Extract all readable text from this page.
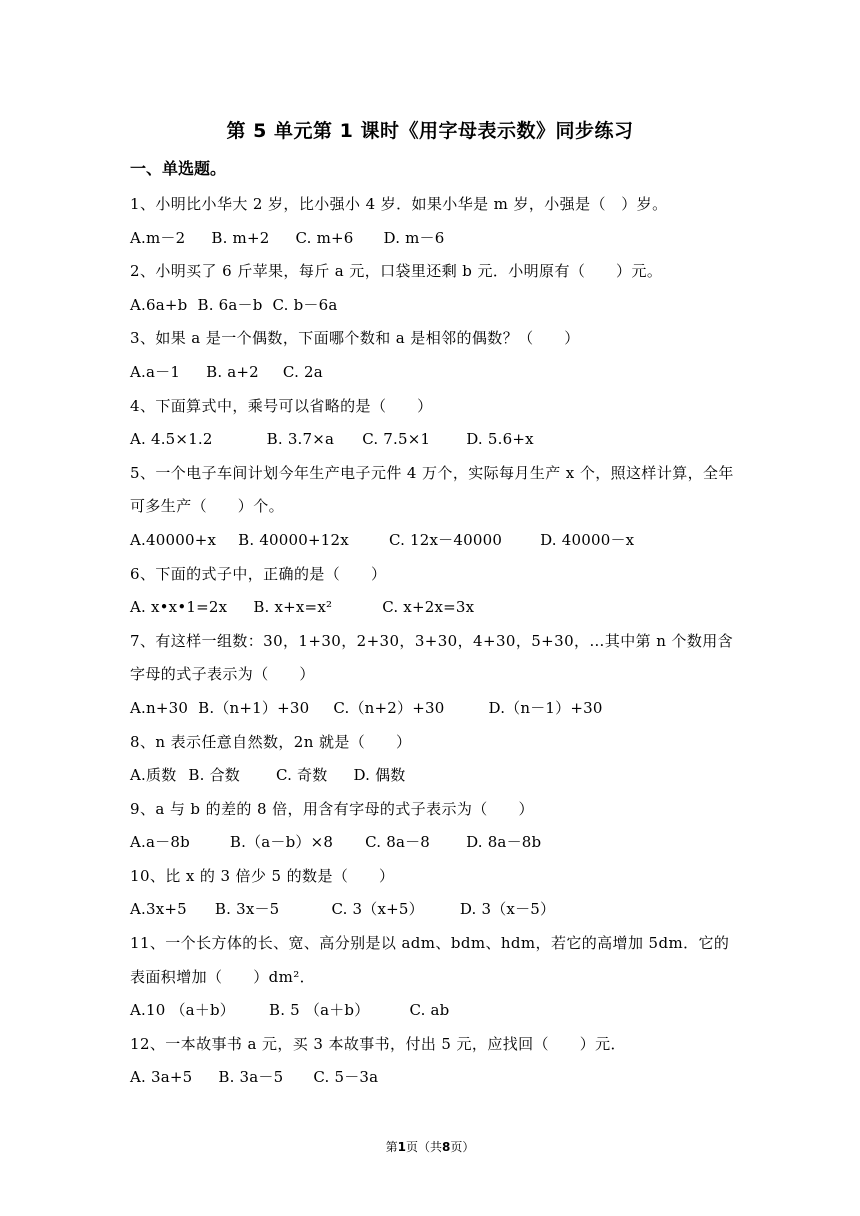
第 5 单元第 1 课时《用字母表示数》同步练习
一、单选题。
1、小明比小华大 2 岁，比小强小 4 岁．如果小华是 m 岁，小强是（　）岁。
A.m－2 B. m+2 C. m+6 D. m－6
2、小明买了 6 斤苹果，每斤 a 元，口袋里还剩 b 元．小明原有（　　）元。
A.6a+b B. 6a－b C. b－6a
3、如果 a 是一个偶数，下面哪个数和 a 是相邻的偶数？（　　）
A.a－1 B. a+2 C. 2a
4、下面算式中，乘号可以省略的是（　　）
A. 4.5×1.2	B. 3.7×a C. 7.5×1 D. 5.6+x
5、一个电子车间计划今年生产电子元件 4 万个，实际每月生产 x 个，照这样计算，全年可多生产（　　）个。
A.40000+x B. 40000+12x	C. 12x－40000	D. 40000－x
6、下面的式子中，正确的是（　　）
A. x•x•1=2x B. x+x=x²	C. x+2x=3x
7、有这样一组数：30，1+30，2+30，3+30，4+30，5+30，…其中第 n 个数用含字母的式子表示为（　　）
A.n+30 B.（n+1）+30 C.（n+2）+30	D.（n－1）+30
8、n 表示任意自然数，2n 就是（　　）
A.质数 B. 合数 C. 奇数 D. 偶数
9、a 与 b 的差的 8 倍，用含有字母的式子表示为（　　）
A.a－8b	B.（a－b）×8 C. 8a－8 D. 8a－8b
10、比 x 的 3 倍少 5 的数是（　　）
A.3x+5 B. 3x－5	C. 3（x+5） D. 3（x－5）
11、一个长方体的长、宽、高分别是以 adm、bdm、hdm，若它的高增加 5dm．它的表面积增加（　　）dm²．
A.10 （a＋b） B. 5 （a＋b）	C. ab
12、一本故事书 a 元，买 3 本故事书，付出 5 元，应找回（　　）元．
A. 3a+5 B. 3a－5 C. 5－3a
第1页（共8页）
